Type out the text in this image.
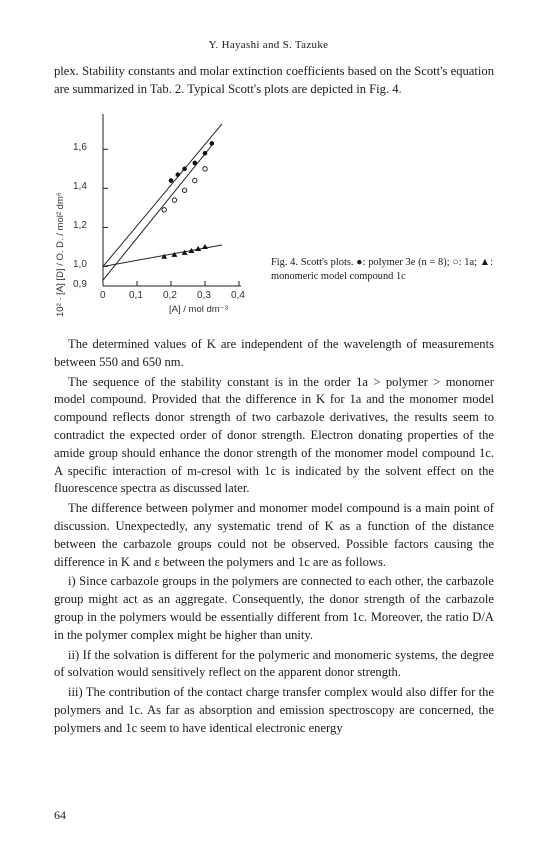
Y. Hayashi and S. Tazuke

plex. Stability constants and molar extinction coefficients based on the Scott's equation are summarized in Tab. 2. Typical Scott's plots are depicted in Fig. 4.

10² · [A] [D] / O. D. / mol² dm⁶ 0,9
1,0
1,2
1,4
1,6
0 0,1 0,2 0,3 0,4
[A] / mol dm⁻³

Fig. 4. Scott's plots. ●: polymer 3e (n = 8); ○: 1a; ▲: monomeric model compound 1c

The determined values of K are independent of the wavelength of measurements between 550 and 650 nm.

The sequence of the stability constant is in the order 1a > polymer > monomer model compound. Provided that the difference in K for 1a and the monomer model compound reflects donor strength of two carbazole derivatives, the results seem to contradict the expected order of donor strength. Electron donating properties of the amide group should enhance the donor strength of the monomer model compound 1c. A specific interaction of m-cresol with 1c is indicated by the solvent effect on the fluorescence spectra as discussed later.

The difference between polymer and monomer model compound is a main point of discussion. Unexpectedly, any systematic trend of K as a function of the distance between the carbazole groups could not be observed. Possible factors causing the difference in K and ε between the polymers and 1c are as follows.

i) Since carbazole groups in the polymers are connected to each other, the carbazole group might act as an aggregate. Consequently, the donor strength of the carbazole group in the polymers would be essentially different from 1c. Moreover, the ratio D/A in the polymer complex might be higher than unity.

ii) If the solvation is different for the polymeric and monomeric systems, the degree of solvation would sensitively reflect on the apparent donor strength.

iii) The contribution of the contact charge transfer complex would also differ for the polymers and 1c. As far as absorption and emission spectroscopy are concerned, the polymers and 1c seem to have identical electronic energy

64
